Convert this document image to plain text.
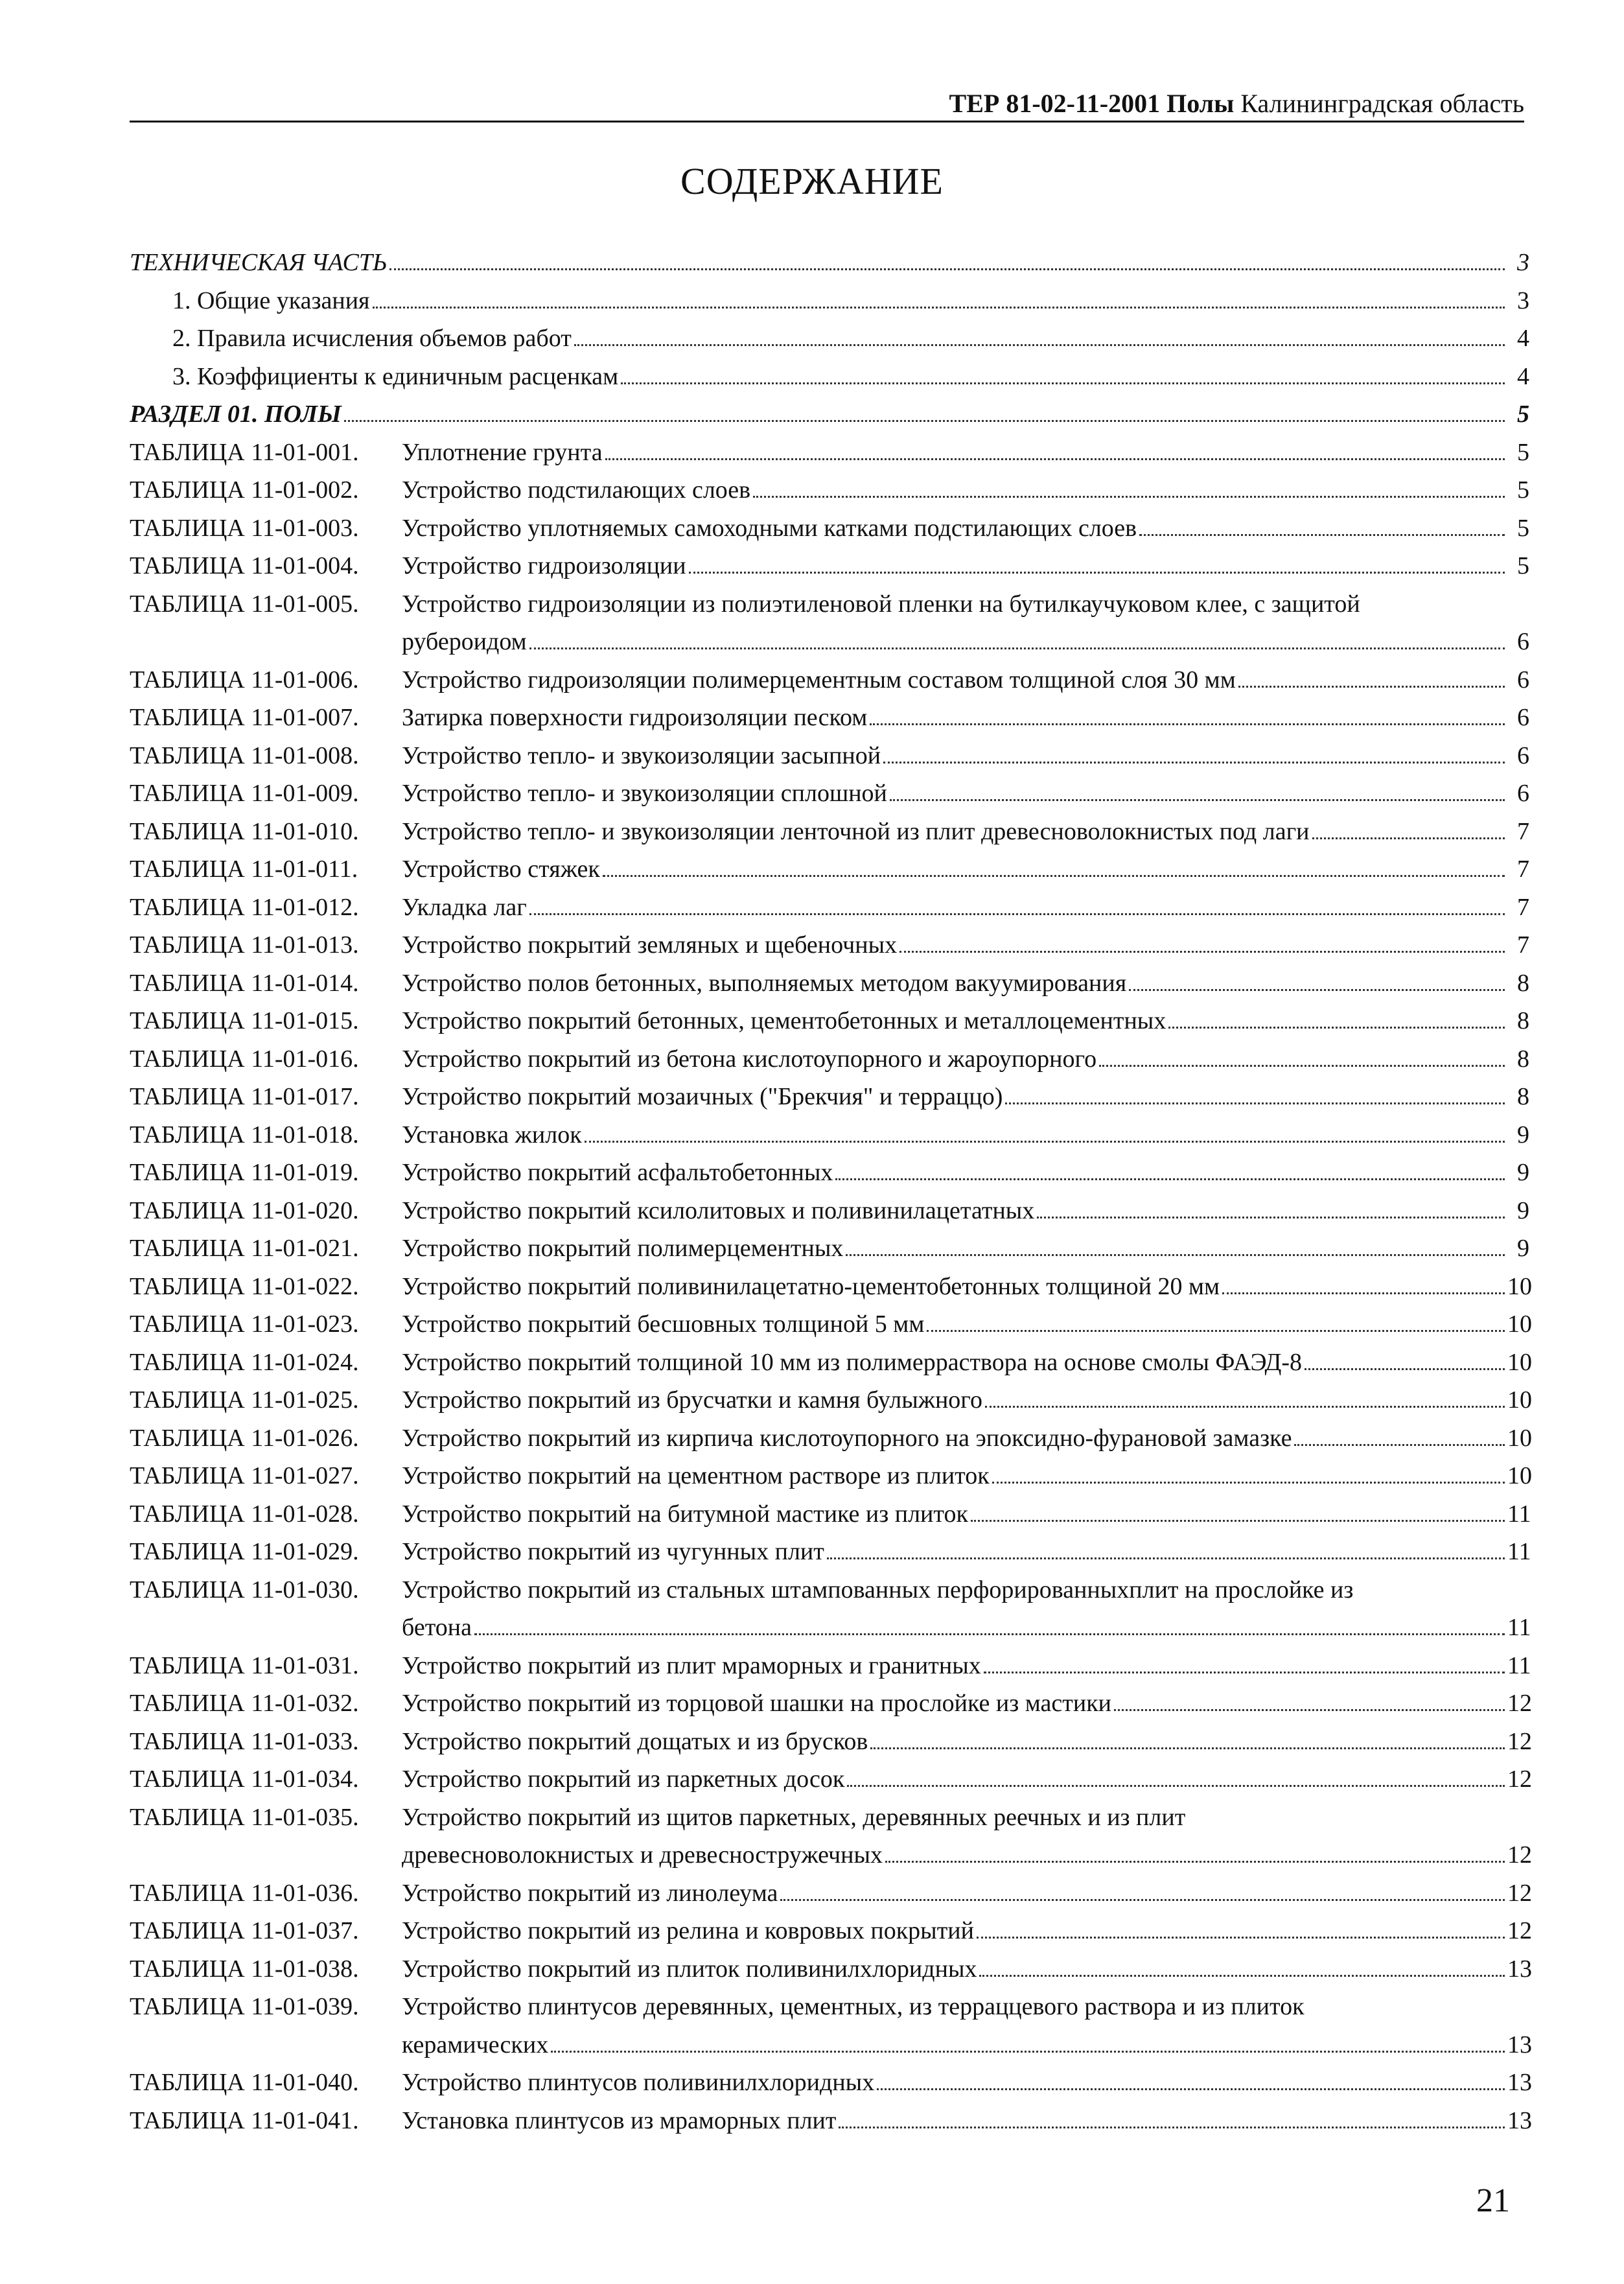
ТЕР 81-02-11-2001 Полы Калининградская область
СОДЕРЖАНИЕ
ТЕХНИЧЕСКАЯ ЧАСТЬ	3
1. Общие указания	3
2. Правила исчисления объемов работ	4
3. Коэффициенты к единичным расценкам	4
РАЗДЕЛ 01. ПОЛЫ	5
ТАБЛИЦА 11-01-001.	Уплотнение грунта	5
ТАБЛИЦА 11-01-002.	Устройство подстилающих слоев	5
ТАБЛИЦА 11-01-003.	Устройство уплотняемых самоходными катками подстилающих слоев	5
ТАБЛИЦА 11-01-004.	Устройство гидроизоляции	5
ТАБЛИЦА 11-01-005.	Устройство гидроизоляции из полиэтиленовой пленки на бутилкаучуковом клее, с защитой
рубероидом	6
ТАБЛИЦА 11-01-006.	Устройство гидроизоляции полимерцементным составом толщиной слоя 30 мм	6
ТАБЛИЦА 11-01-007.	Затирка поверхности гидроизоляции песком	6
ТАБЛИЦА 11-01-008.	Устройство тепло- и звукоизоляции засыпной	6
ТАБЛИЦА 11-01-009.	Устройство тепло- и звукоизоляции сплошной	6
ТАБЛИЦА 11-01-010.	Устройство тепло- и звукоизоляции ленточной из плит древесноволокнистых под лаги	7
ТАБЛИЦА 11-01-011.	Устройство стяжек	7
ТАБЛИЦА 11-01-012.	Укладка лаг	7
ТАБЛИЦА 11-01-013.	Устройство покрытий земляных и щебеночных	7
ТАБЛИЦА 11-01-014.	Устройство полов бетонных, выполняемых методом вакуумирования	8
ТАБЛИЦА 11-01-015.	Устройство покрытий бетонных, цементобетонных и металлоцементных	8
ТАБЛИЦА 11-01-016.	Устройство покрытий из бетона кислотоупорного и жароупорного	8
ТАБЛИЦА 11-01-017.	Устройство покрытий мозаичных ("Брекчия" и терраццо)	8
ТАБЛИЦА 11-01-018.	Установка жилок	9
ТАБЛИЦА 11-01-019.	Устройство покрытий асфальтобетонных	9
ТАБЛИЦА 11-01-020.	Устройство покрытий ксилолитовых и поливинилацетатных	9
ТАБЛИЦА 11-01-021.	Устройство покрытий полимерцементных	9
ТАБЛИЦА 11-01-022.	Устройство покрытий поливинилацетатно-цементобетонных толщиной 20 мм	10
ТАБЛИЦА 11-01-023.	Устройство покрытий бесшовных толщиной 5 мм	10
ТАБЛИЦА 11-01-024.	Устройство покрытий толщиной 10 мм из полимерраствора на основе смолы ФАЭД-8	10
ТАБЛИЦА 11-01-025.	Устройство покрытий из брусчатки и камня булыжного	10
ТАБЛИЦА 11-01-026.	Устройство покрытий из кирпича кислотоупорного на эпоксидно-фурановой замазке	10
ТАБЛИЦА 11-01-027.	Устройство покрытий на цементном растворе из плиток	10
ТАБЛИЦА 11-01-028.	Устройство покрытий на битумной мастике из плиток	11
ТАБЛИЦА 11-01-029.	Устройство покрытий из чугунных плит	11
ТАБЛИЦА 11-01-030.	Устройство покрытий из стальных штампованных перфорированныхплит на прослойке из
бетона	11
ТАБЛИЦА 11-01-031.	Устройство покрытий из плит мраморных и гранитных	11
ТАБЛИЦА 11-01-032.	Устройство покрытий из торцовой шашки на прослойке из мастики	12
ТАБЛИЦА 11-01-033.	Устройство покрытий дощатых и из брусков	12
ТАБЛИЦА 11-01-034.	Устройство покрытий из паркетных досок	12
ТАБЛИЦА 11-01-035.	Устройство покрытий из щитов паркетных, деревянных реечных и из плит
древесноволокнистых и древесностружечных	12
ТАБЛИЦА 11-01-036.	Устройство покрытий из линолеума	12
ТАБЛИЦА 11-01-037.	Устройство покрытий из релина и ковровых покрытий	12
ТАБЛИЦА 11-01-038.	Устройство покрытий из плиток поливинилхлоридных	13
ТАБЛИЦА 11-01-039.	Устройство плинтусов деревянных, цементных, из терраццевого раствора и из плиток
керамических	13
ТАБЛИЦА 11-01-040.	Устройство плинтусов поливинилхлоридных	13
ТАБЛИЦА 11-01-041.	Установка плинтусов из мраморных плит	13
21
